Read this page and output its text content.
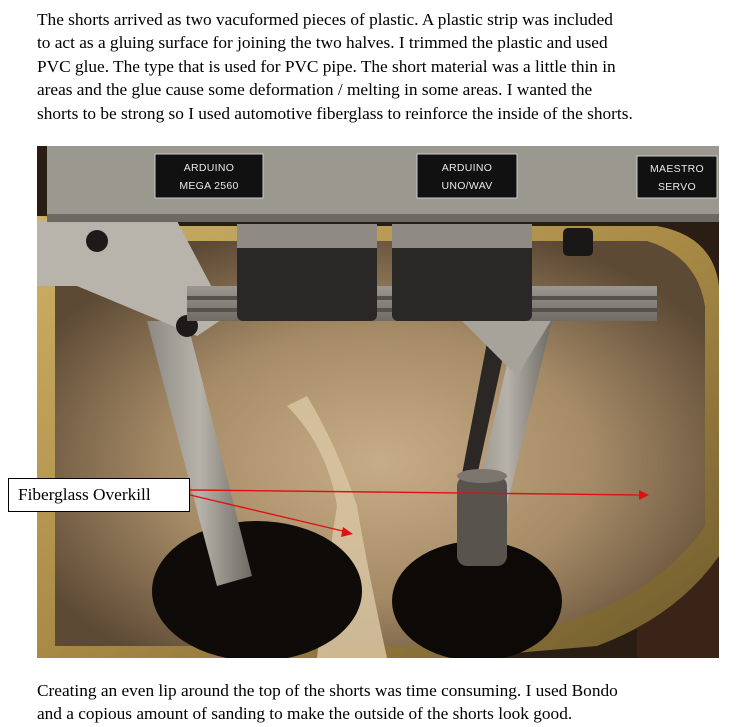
The shorts arrived as two vacuformed pieces of plastic. A plastic strip was included
to act as a gluing surface for joining the two halves. I trimmed the plastic and used
PVC glue. The type that is used for PVC pipe. The short material was a little thin in
areas and the glue cause some deformation / melting in some areas. I wanted the
shorts to be strong so I used automotive fiberglass to reinforce the inside of the shorts.

ARDUINO
MEGA 2560
ARDUINO
UNO/WAV
MAESTRO
SERVO
Fiberglass Overkill

Creating an even lip around the top of the shorts was time consuming. I used Bondo
and a copious amount of sanding to make the outside of the shorts look good.
